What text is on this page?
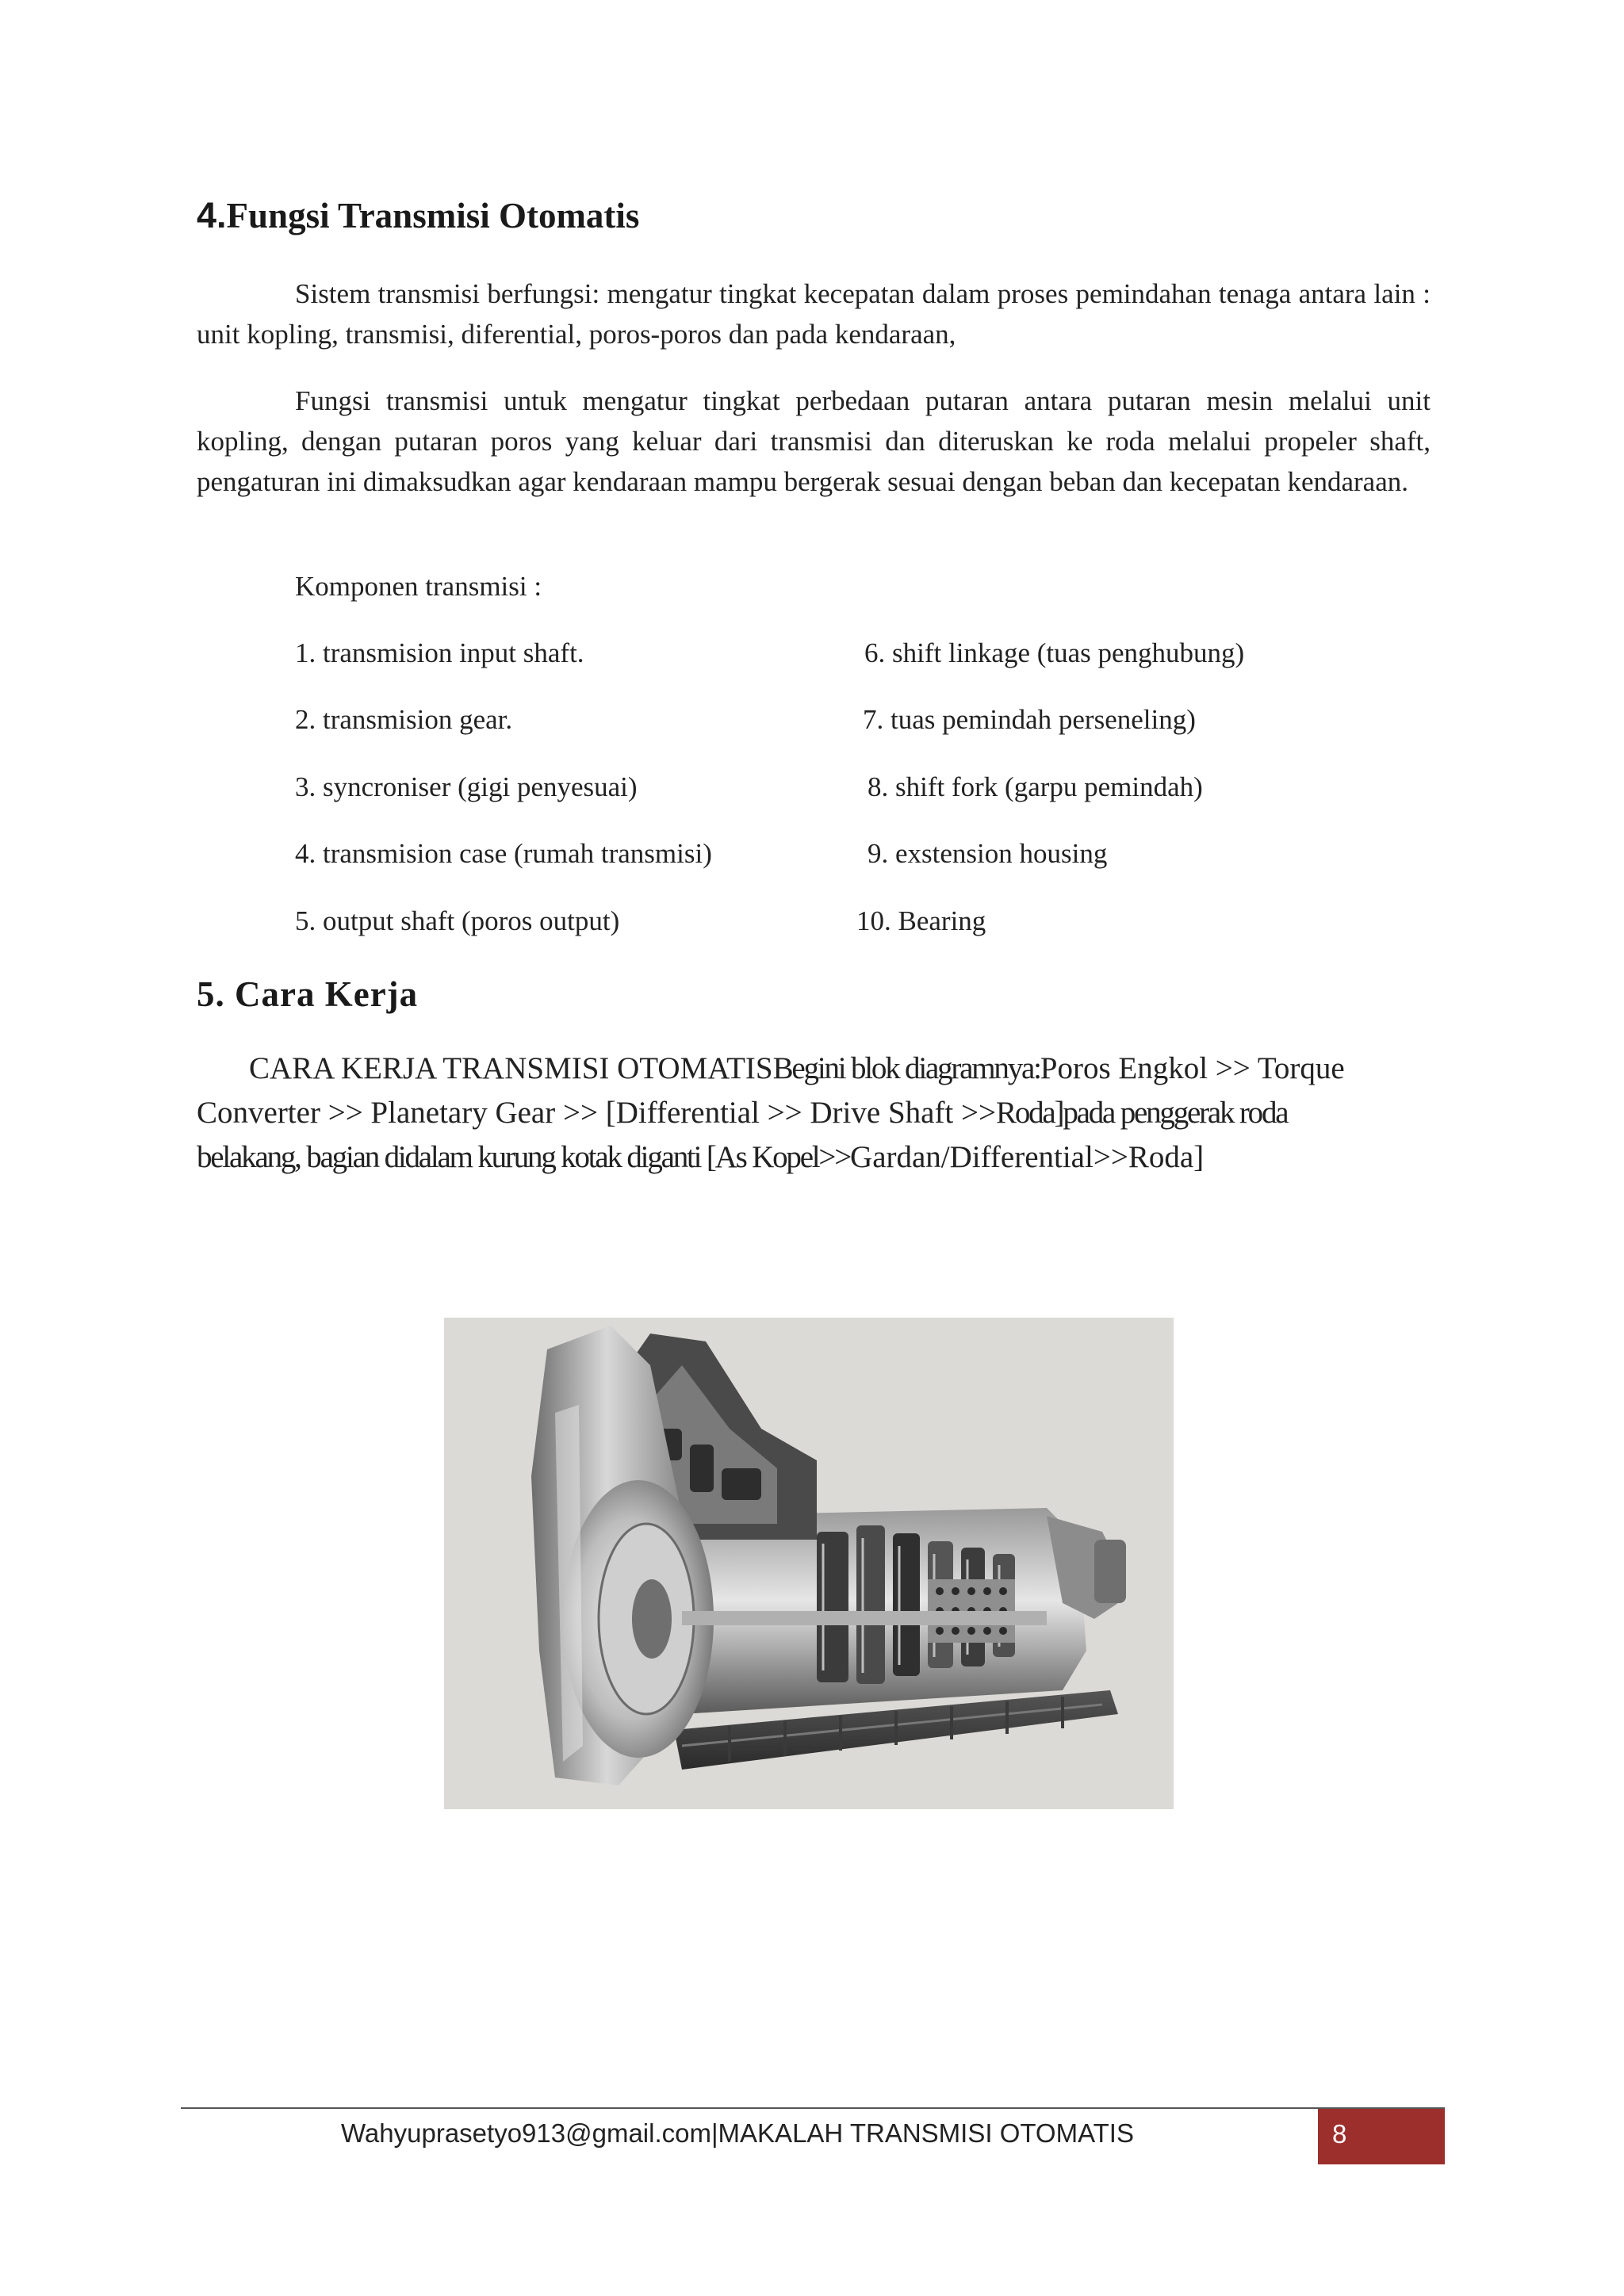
4.Fungsi Transmisi Otomatis

Sistem transmisi berfungsi: mengatur tingkat kecepatan dalam proses pemindahan tenaga antara lain : unit kopling, transmisi, diferential, poros-poros dan pada kendaraan,

Fungsi transmisi untuk mengatur tingkat perbedaan putaran antara putaran mesin melalui unit kopling, dengan putaran poros yang keluar dari transmisi dan diteruskan ke roda melalui propeler shaft, pengaturan ini dimaksudkan agar kendaraan mampu bergerak sesuai dengan beban dan kecepatan kendaraan.

Komponen transmisi :

1. transmision input shaft.

2. transmision gear.

3. syncroniser (gigi penyesuai)

4. transmision case (rumah transmisi)

5. output shaft (poros output)

6. shift linkage (tuas penghubung)

7. tuas pemindah perseneling)

8. shift fork (garpu pemindah)

9. exstension housing

10. Bearing

5. Cara Kerja

CARA KERJA TRANSMISI OTOMATISBegini blok diagramnya:Poros Engkol >> Torque

Converter >> Planetary Gear >> [Differential >> Drive Shaft >>Roda]pada penggerak roda

belakang, bagian didalam kurung kotak diganti [As Kopel>>Gardan/Differential>>Roda]

Wahyuprasetyo913@gmail.com|MAKALAH TRANSMISI OTOMATIS	8
